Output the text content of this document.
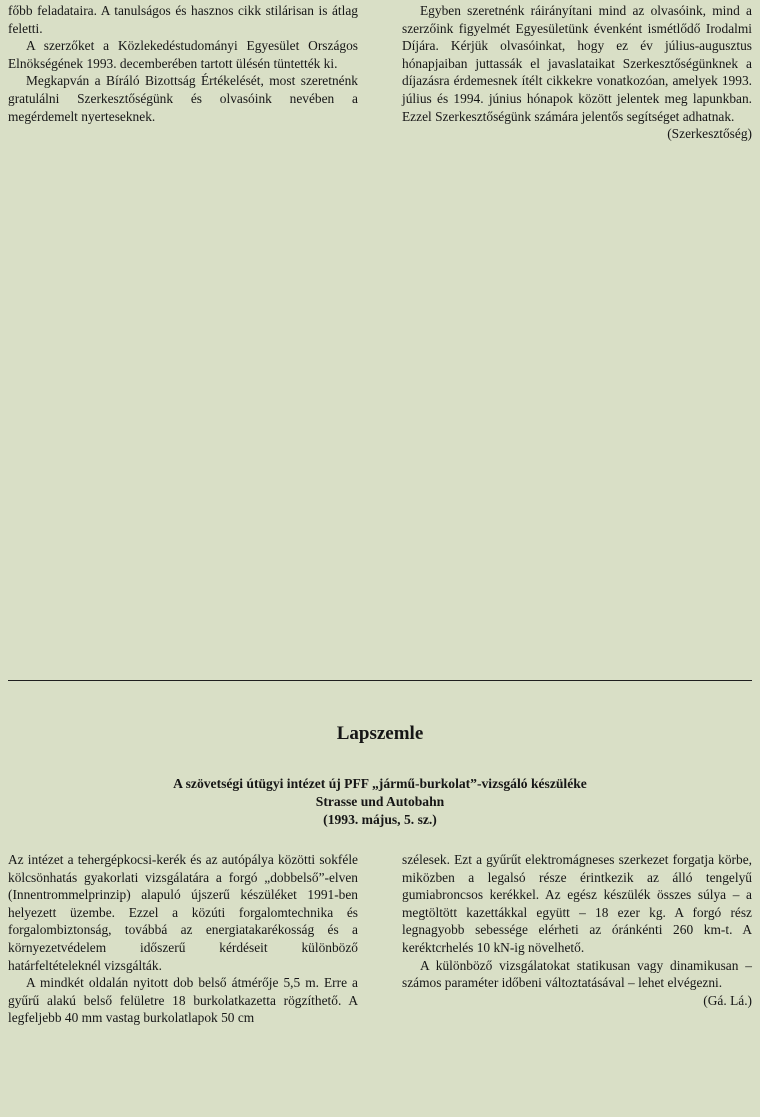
főbb feladataira. A tanulságos és hasznos cikk stilárisan is átlag feletti.

A szerzőket a Közlekedéstudományi Egyesület Országos Elnökségének 1993. decemberében tartott ülésén tüntették ki.

Megkapván a Bíráló Bizottság Értékelését, most szeretnénk gratulálni Szerkesztőségünk és olvasóink nevében a megérdemelt nyerteseknek.

Egyben szeretnénk ráirányítani mind az olvasóink, mind a szerzőink figyelmét Egyesületünk évenként ismétlődő Irodalmi Díjára. Kérjük olvasóinkat, hogy ez év július-augusztus hónapjaiban juttassák el javaslataikat Szerkesztőségünknek a díjazásra érdemesnek ítélt cikkekre vonatkozóan, amelyek 1993. július és 1994. június hónapok között jelentek meg lapunkban. Ezzel Szerkesztőségünk számára jelentős segítséget adhatnak.

(Szerkesztőség)

Lapszemle
A szövetségi útügyi intézet új PFF „jármű-burkolat”-vizsgáló készüléke
Strasse und Autobahn
(1993. május, 5. sz.)

Az intézet a tehergépkocsi-kerék és az autópálya közötti sokféle kölcsönhatás gyakorlati vizsgálatára a forgó „dobbelső”-elven (Innentrommelprinzip) alapuló újszerű készüléket 1991-ben helyezett üzembe. Ezzel a közúti forgalomtechnika és forgalombiztonság, továbbá az energiatakarékosság és a környezetvédelem időszerű kérdéseit különböző határfeltételeknél vizsgálták.

A mindkét oldalán nyitott dob belső átmérője 5,5 m. Erre a gyűrű alakú belső felületre 18 burkolatkazetta rögzíthető. A legfeljebb 40 mm vastag burkolatlapok 50 cm

szélesek. Ezt a gyűrűt elektromágneses szerkezet forgatja körbe, miközben a legalsó része érintkezik az álló tengelyű gumiabroncsos kerékkel. Az egész készülék összes súlya – a megtöltött kazettákkal együtt – 18 ezer kg. A forgó rész legnagyobb sebessége elérheti az óránkénti 260 km-t. A keréktcrhelés 10 kN-ig növelhető.

A különböző vizsgálatokat statikusan vagy dinamikusan – számos paraméter időbeni változtatásával – lehet elvégezni.

(Gá. Lá.)
